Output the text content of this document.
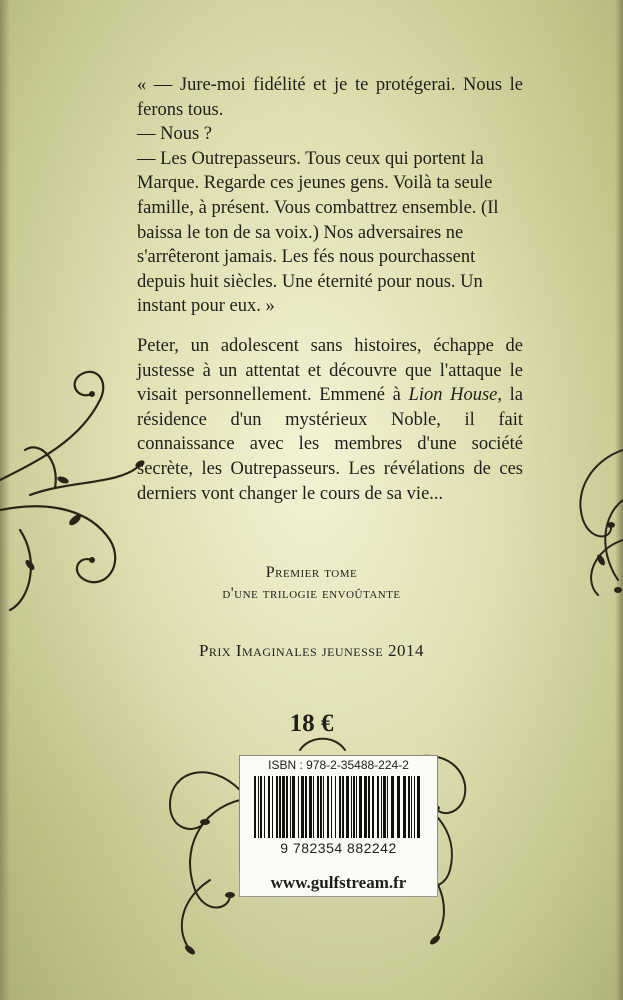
« — Jure-moi fidélité et je te protégerai. Nous le ferons tous.

— Nous ?

— Les Outrepasseurs. Tous ceux qui portent la Marque. Regarde ces jeunes gens. Voilà ta seule famille, à présent. Vous combattrez ensemble. (Il baissa le ton de sa voix.) Nos adversaires ne s'arrêteront jamais. Les fés nous pourchassent depuis huit siècles. Une éternité pour nous. Un instant pour eux. »

Peter, un adolescent sans histoires, échappe de justesse à un attentat et découvre que l'attaque le visait personnellement. Emmené à Lion House, la résidence d'un mystérieux Noble, il fait connaissance avec les membres d'une société secrète, les Outrepasseurs. Les révélations de ces derniers vont changer le cours de sa vie...

Premier tome
d'une trilogie envoûtante
Prix Imaginales jeunesse 2014
18 €
ISBN : 978-2-35488-224-2
9 782354 882242
www.gulfstream.fr
